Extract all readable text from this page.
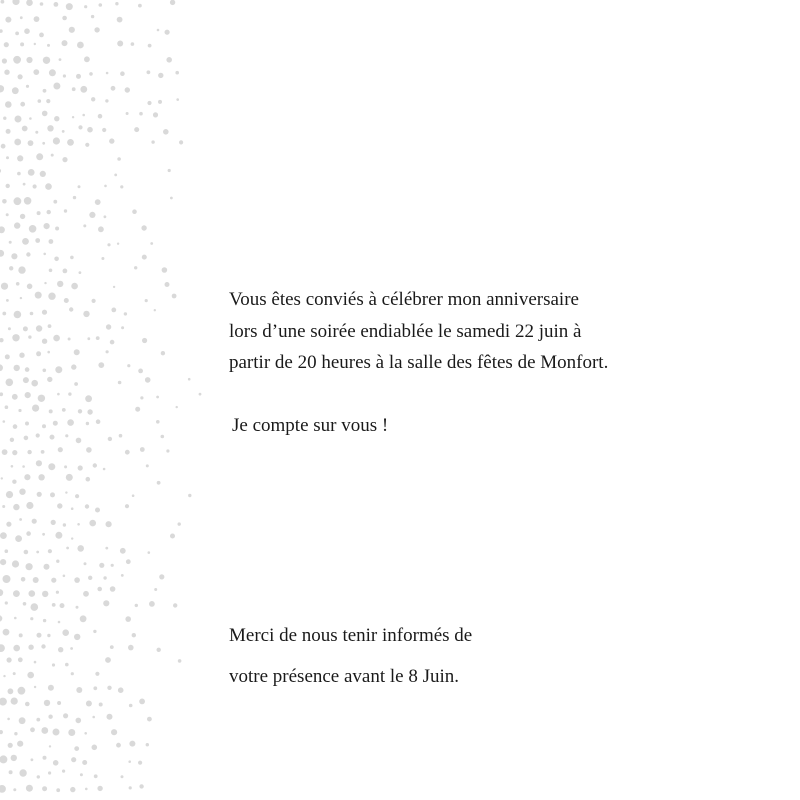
Vous êtes conviés à célébrer mon anniversaire
lors d’une soirée endiablée le samedi 22 juin à
partir de 20 heures à la salle des fêtes de Monfort.
Je compte sur vous !
Merci de nous tenir informés de
votre présence avant le 8 Juin.
